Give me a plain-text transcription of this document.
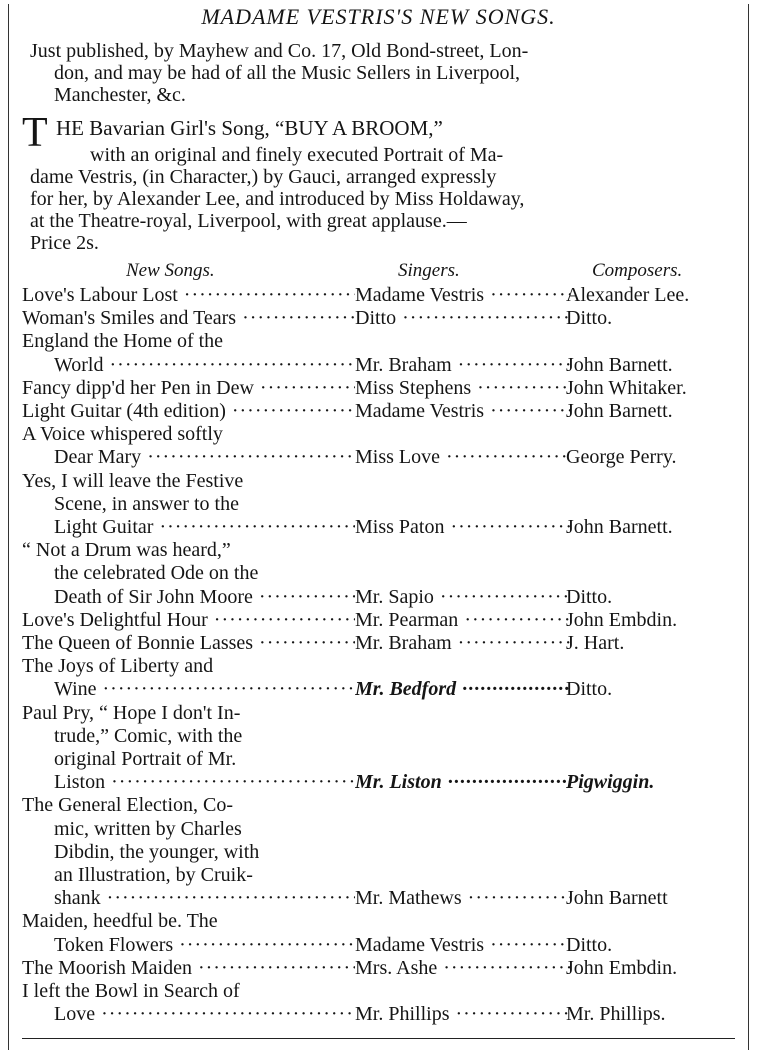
MADAME VESTRIS'S NEW SONGS.
Just published, by Mayhew and Co. 17, Old Bond-street, Lon-
don, and may be had of all the Music Sellers in Liverpool,
Manchester, &c.
T HE Bavarian Girl's Song, “BUY A BROOM,”
with an original and finely executed Portrait of Ma-
dame Vestris, (in Character,) by Gauci, arranged expressly
for her, by Alexander Lee, and introduced by Miss Holdaway,
at the Theatre-royal, Liverpool, with great applause.—
Price 2s.
New Songs.	Singers.	Composers.
Love's Labour Lost ·····	Madame Vestris ·····	Alexander Lee.
Woman's Smiles and Tears ·····	Ditto ·····	Ditto.
England the Home of the
World ·····	Mr. Braham ·····	John Barnett.
Fancy dipp'd her Pen in Dew ·····	Miss Stephens ·····	John Whitaker.
Light Guitar (4th edition) ·····	Madame Vestris ·····	John Barnett.
A Voice whispered softly
Dear Mary ·····	Miss Love ·····	George Perry.
Yes, I will leave the Festive
Scene, in answer to the
Light Guitar ·····	Miss Paton ·····	John Barnett.
“ Not a Drum was heard,”
the celebrated Ode on the
Death of Sir John Moore ·····	Mr. Sapio ·····	Ditto.
Love's Delightful Hour ·····	Mr. Pearman ·····	John Embdin.
The Queen of Bonnie Lasses ·····	Mr. Braham ·····	J. Hart.
The Joys of Liberty and
Wine ·····	Mr. Bedford ·····	Ditto.
Paul Pry, “ Hope I don't In-
trude,” Comic, with the
original Portrait of Mr.
Liston ·····	Mr. Liston ·····	Pigwiggin.
The General Election, Co-
mic, written by Charles
Dibdin, the younger, with
an Illustration, by Cruik-
shank ·····	Mr. Mathews ·····	John Barnett
Maiden, heedful be. The
Token Flowers ·····	Madame Vestris ·····	Ditto.
The Moorish Maiden ·····	Mrs. Ashe ·····	John Embdin.
I left the Bowl in Search of
Love ·····	Mr. Phillips ·····	Mr. Phillips.
